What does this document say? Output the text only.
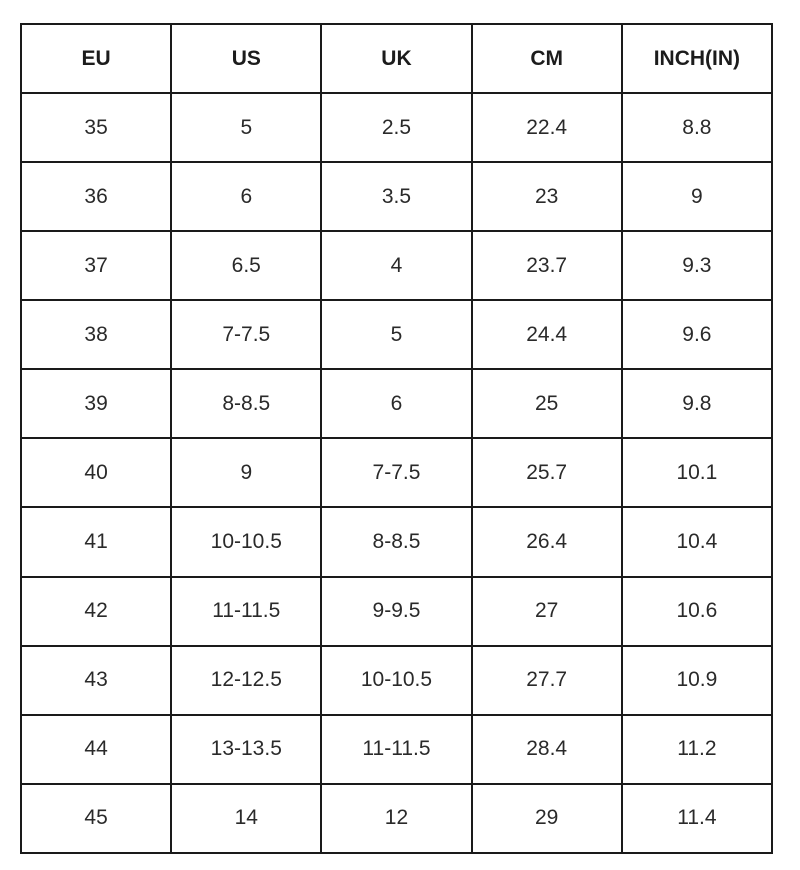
EU	US	UK	CM	INCH(IN)
35	5	2.5	22.4	8.8
36	6	3.5	23	9
37	6.5	4	23.7	9.3
38	7-7.5	5	24.4	9.6
39	8-8.5	6	25	9.8
40	9	7-7.5	25.7	10.1
41	10-10.5	8-8.5	26.4	10.4
42	11-11.5	9-9.5	27	10.6
43	12-12.5	10-10.5	27.7	10.9
44	13-13.5	11-11.5	28.4	11.2
45	14	12	29	11.4
